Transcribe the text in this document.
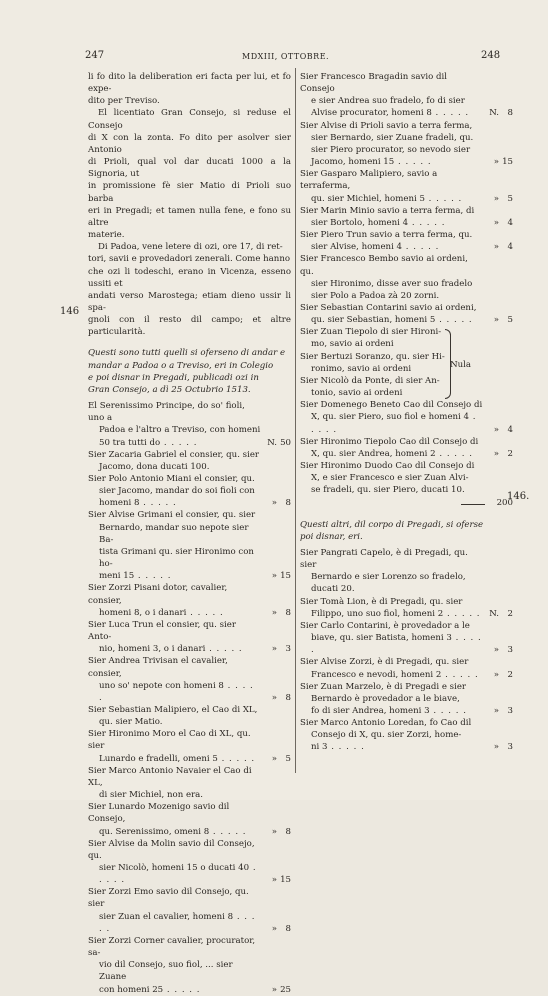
247	MDXIII, OTTOBRE.	248
146
146.
li fo dito la deliberation eri facta per lui, et fo expe-
dito per Treviso.
El licentiato Gran Consejo, si reduse el Consejo
di X con la zonta. Fo dito per asolver sier Antonio
di Prioli, qual vol dar ducati 1000 a la Signoria, ut
in promissione fè sier Matio di Prioli suo barba
eri in Pregadi; et tamen nulla fene, e fono su altre
materie.
Di Padoa, vene letere di ozi, ore 17, di ret-
tori, savii e provedadori zenerali. Come hanno
che ozi li todeschi, erano in Vicenza, esseno ussiti et
andati verso Marostega; etiam dieno ussir li spa-
gnoli con il resto dil campo; et altre particularità.
Questi sono tutti quelli si oferseno di andar e
mandar a Padoa o a Treviso, eri in Colegio
e poi disnar in Pregadi, publicadi ozi in
Gran Consejo, a dì 25 Octubrio 1513.
El Serenissimo Principe, do so' fioli, uno a
Padoa e l'altro a Treviso, con homeni
50 tra tutti do . . . . .	N. 50
Sier Zacaria Gabriel el consier, qu. sier
Jacomo, dona ducati 100.
Sier Polo Antonio Miani el consier, qu.
sier Jacomo, mandar do soi fioli con
homeni 8 . . . . .	» 8
Sier Alvise Grimani el consier, qu. sier
Bernardo, mandar suo nepote sier Ba-
tista Grimani qu. sier Hironimo con ho-
meni 15 . . . . .	» 15
Sier Zorzi Pisani dotor, cavalier, consier,
homeni 8, o i danari . . . . .	» 8
Sier Luca Trun el consier, qu. sier Anto-
nio, homeni 3, o i danari . . . . .	» 3
Sier Andrea Trivisan el cavalier, consier,
uno so' nepote con homeni 8 . . . . .	» 8
Sier Sebastian Malipiero, el Cao di XL,
qu. sier Matio.
Sier Hironimo Moro el Cao di XL, qu. sier
Lunardo e fradelli, omeni 5 . . . . .	» 5
Sier Marco Antonio Navaier el Cao di XL,
di sier Michiel, non era.
Sier Lunardo Mozenigo savio dil Consejo,
qu. Serenissimo, omeni 8 . . . . .	» 8
Sier Alvise da Molin savio dil Consejo, qu.
sier Nicolò, homeni 15 o ducati 40 . . . . .	» 15
Sier Zorzi Emo savio dil Consejo, qu. sier
sier Zuan el cavalier, homeni 8 . . . . .	» 8
Sier Zorzi Corner cavalier, procurator, sa-
vio dil Consejo, suo fiol, ... sier Zuane
con homeni 25 . . . . .	» 25
Sier Francesco Bragadin savio dil Consejo
e sier Andrea suo fradelo, fo di sier
Alvise procurator, homeni 8 . . . . .	N. 8
Sier Alvise di Prioli savio a terra ferma,
sier Bernardo, sier Zuane fradeli, qu.
sier Piero procurator, so nevodo sier
Jacomo, homeni 15 . . . . .	» 15
Sier Gasparo Malipiero, savio a terraferma,
qu. sier Michiel, homeni 5 . . . . .	» 5
Sier Marin Minio savio a terra ferma, di
sier Bortolo, homeni 4 . . . . .	» 4
Sier Piero Trun savio a terra ferma, qu.
sier Alvise, homeni 4 . . . . .	» 4
Sier Francesco Bembo savio ai ordeni, qu.
sier Hironimo, disse aver suo fradelo
sier Polo a Padoa zà 20 zorni.
Sier Sebastian Contarini savio ai ordeni,
qu. sier Sebastian, homeni 5 . . . . .	» 5
Sier Zuan Tiepolo di sier Hironi-
mo, savio ai ordeni
Sier Bertuzi Soranzo, qu. sier Hi-
ronimo, savio ai ordeni
Sier Nicolò da Ponte, di sier An-
tonio, savio ai ordeni
Nula
Sier Domenego Beneto Cao dil Consejo di
X, qu. sier Piero, suo fiol e homeni 4 . . . . .	» 4
Sier Hironimo Tiepolo Cao dil Consejo di
X, qu. sier Andrea, homeni 2 . . . . .	» 2
Sier Hironimo Duodo Cao dil Consejo di
X, e sier Francesco e sier Zuan Alvi-
se fradeli, qu. sier Piero, ducati 10.
200
Questi altri, dil corpo di Pregadi, si oferse
poi disnar, eri.
Sier Pangrati Capelo, è di Pregadi, qu. sier
Bernardo e sier Lorenzo so fradelo,
ducati 20.
Sier Tomà Lion, è di Pregadi, qu. sier
Filippo, uno suo fiol, homeni 2 . . . . . N. 2
Sier Carlo Contarini, è provedador a le
biave, qu. sier Batista, homeni 3 . . . . .	» 3
Sier Alvise Zorzi, è di Pregadi, qu. sier
Francesco e nevodi, homeni 2 . . . . .	» 2
Sier Zuan Marzelo, è di Pregadi e sier
Bernardo è provedador a le biave,
fo di sier Andrea, homeni 3 . . . . .	» 3
Sier Marco Antonio Loredan, fo Cao dil
Consejo di X, qu. sier Zorzi, home-
ni 3 . . . . .	» 3
